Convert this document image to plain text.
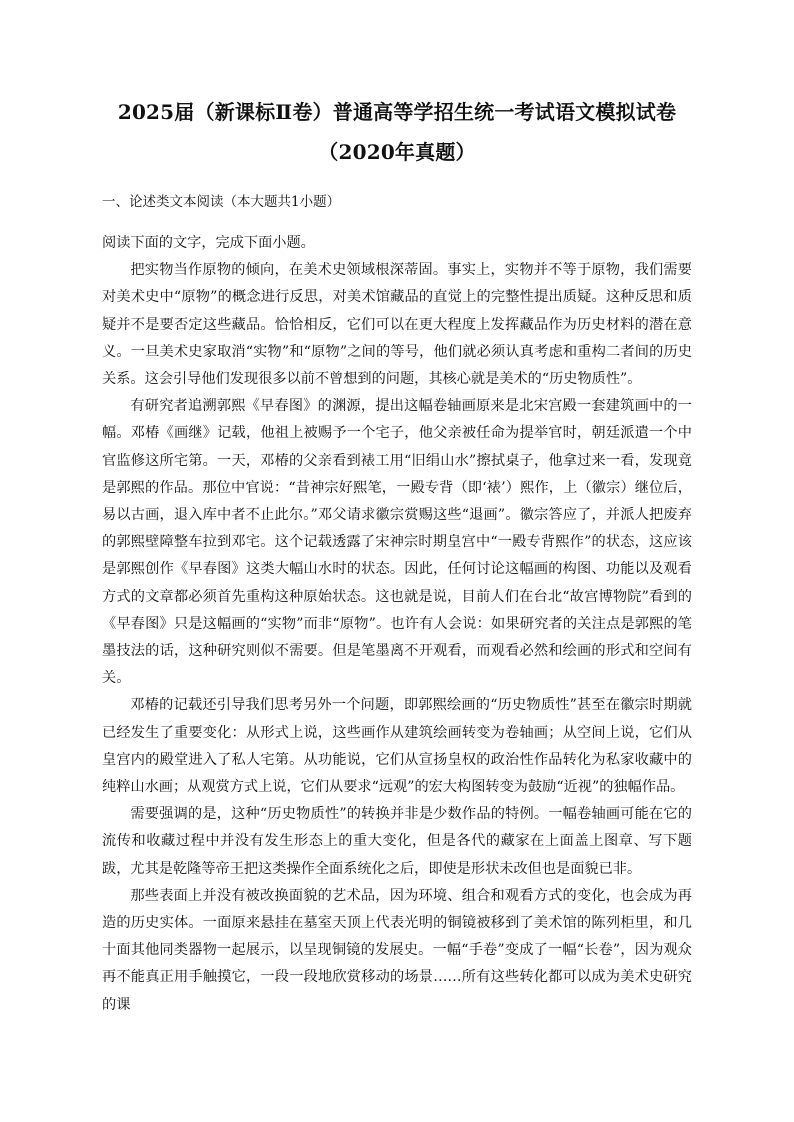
2025届（新课标Ⅱ卷）普通高等学招生统一考试语文模拟试卷
（2020年真题）
一、论述类文本阅读（本大题共1小题）

阅读下面的文字，完成下面小题。

把实物当作原物的倾向，在美术史领域根深蒂固。事实上，实物并不等于原物，我们需要对美术史中“原物”的概念进行反思，对美术馆藏品的直觉上的完整性提出质疑。这种反思和质疑并不是要否定这些藏品。恰恰相反，它们可以在更大程度上发挥藏品作为历史材料的潜在意义。一旦美术史家取消“实物”和“原物”之间的等号，他们就必须认真考虑和重构二者间的历史关系。这会引导他们发现很多以前不曾想到的问题，其核心就是美术的“历史物质性”。

有研究者追溯郭熙《早春图》的渊源，提出这幅卷轴画原来是北宋宫殿一套建筑画中的一幅。邓椿《画继》记载，他祖上被赐予一个宅子，他父亲被任命为提举官时，朝廷派遣一个中官监修这所宅第。一天，邓椿的父亲看到裱工用“旧绢山水”擦拭桌子，他拿过来一看，发现竟是郭熙的作品。那位中官说：“昔神宗好熙笔，一殿专背（即‘裱’）熙作，上（徽宗）继位后，易以古画，退入库中者不止此尔。”邓父请求徽宗赏赐这些“退画”。徽宗答应了，并派人把废弃的郭熙壁障整车拉到邓宅。这个记载透露了宋神宗时期皇宫中“一殿专背熙作”的状态，这应该是郭熙创作《早春图》这类大幅山水时的状态。因此，任何讨论这幅画的构图、功能以及观看方式的文章都必须首先重构这种原始状态。这也就是说，目前人们在台北“故宫博物院”看到的《早春图》只是这幅画的“实物”而非“原物”。也许有人会说：如果研究者的关注点是郭熙的笔墨技法的话，这种研究则似不需要。但是笔墨离不开观看，而观看必然和绘画的形式和空间有关。

邓椿的记载还引导我们思考另外一个问题，即郭熙绘画的“历史物质性”甚至在徽宗时期就已经发生了重要变化：从形式上说，这些画作从建筑绘画转变为卷轴画；从空间上说，它们从皇宫内的殿堂进入了私人宅第。从功能说，它们从宣扬皇权的政治性作品转化为私家收藏中的纯粹山水画；从观赏方式上说，它们从要求“远观”的宏大构图转变为鼓励“近视”的独幅作品。

需要强调的是，这种“历史物质性”的转换并非是少数作品的特例。一幅卷轴画可能在它的流传和收藏过程中并没有发生形态上的重大变化，但是各代的藏家在上面盖上图章、写下题跋，尤其是乾隆等帝王把这类操作全面系统化之后，即使是形状未改但也是面貌已非。

那些表面上并没有被改换面貌的艺术品，因为环境、组合和观看方式的变化，也会成为再造的历史实体。一面原来悬挂在墓室天顶上代表光明的铜镜被移到了美术馆的陈列柜里，和几十面其他同类器物一起展示，以呈现铜镜的发展史。一幅“手卷”变成了一幅“长卷”，因为观众再不能真正用手触摸它，一段一段地欣赏移动的场景……所有这些转化都可以成为美术史研究的课
